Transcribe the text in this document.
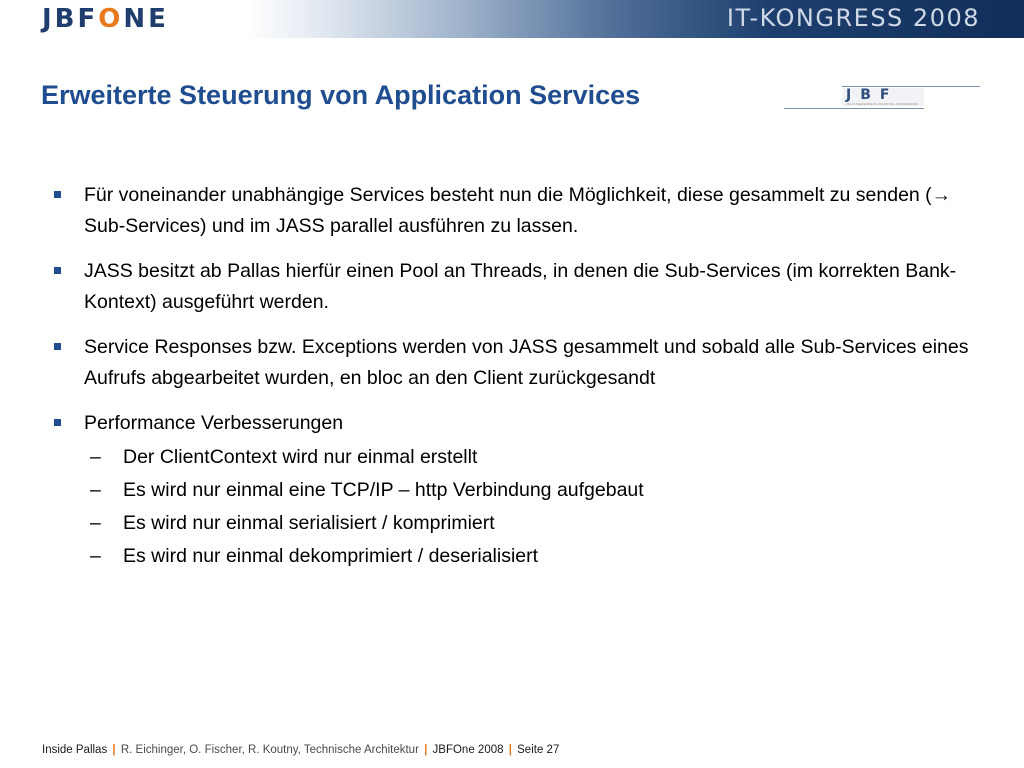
JBFONE	IT-KONGRESS 2008
Erweiterte Steuerung von Application Services	JBF
JOHN BERENBERG BANKING FRAMEWORK
Für voneinander unabhängige Services besteht nun die Möglichkeit, diese gesammelt zu senden (→ Sub-Services) und im JASS parallel ausführen zu lassen.
JASS besitzt ab Pallas hierfür einen Pool an Threads, in denen die Sub-Services (im korrekten Bank-Kontext) ausgeführt werden.
Service Responses bzw. Exceptions werden von JASS gesammelt und sobald alle Sub-Services eines Aufrufs abgearbeitet wurden, en bloc an den Client zurückgesandt
Performance Verbesserungen
– Der ClientContext wird nur einmal erstellt
– Es wird nur einmal eine TCP/IP – http Verbindung aufgebaut
– Es wird nur einmal serialisiert / komprimiert
– Es wird nur einmal dekomprimiert / deserialisiert
Inside Pallas | R. Eichinger, O. Fischer, R. Koutny, Technische Architektur | JBFOne 2008 | Seite 27
